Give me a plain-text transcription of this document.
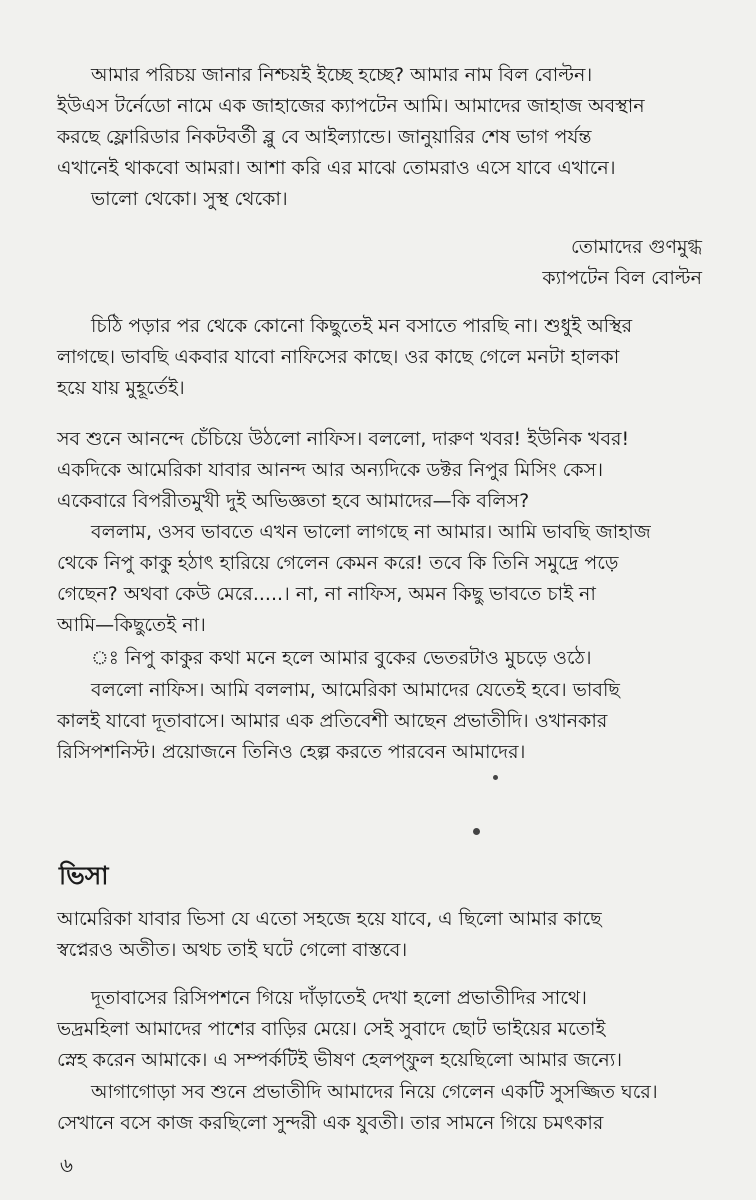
আমার পরিচয় জানার নিশ্চয়ই ইচ্ছে হচ্ছে? আমার নাম বিল বোল্টন।
ইউএস টর্নেডো নামে এক জাহাজের ক্যাপটেন আমি। আমাদের জাহাজ অবস্থান
করছে ফ্লোরিডার নিকটবর্তী ব্লু বে আইল্যান্ডে। জানুয়ারির শেষ ভাগ পর্যন্ত
এখানেই থাকবো আমরা। আশা করি এর মাঝে তোমরাও এসে যাবে এখানে।
ভালো থেকো। সুস্থ থেকো।
তোমাদের গুণমুগ্ধ
ক্যাপটেন বিল বোল্টন
চিঠি পড়ার পর থেকে কোনো কিছুতেই মন বসাতে পারছি না। শুধুই অস্থির
লাগছে। ভাবছি একবার যাবো নাফিসের কাছে। ওর কাছে গেলে মনটা হালকা
হয়ে যায় মুহূর্তেই।
সব শুনে আনন্দে চেঁচিয়ে উঠলো নাফিস। বললো, দারুণ খবর! ইউনিক খবর!
একদিকে আমেরিকা যাবার আনন্দ আর অন্যদিকে ডক্টর নিপুর মিসিং কেস।
একেবারে বিপরীতমুখী দুই অভিজ্ঞতা হবে আমাদের—কি বলিস?
বললাম, ওসব ভাবতে এখন ভালো লাগছে না আমার। আমি ভাবছি জাহাজ
থেকে নিপু কাকু হঠাৎ হারিয়ে গেলেন কেমন করে! তবে কি তিনি সমুদ্রে পড়ে
গেছেন? অথবা কেউ মেরে.....। না, না নাফিস, অমন কিছু ভাবতে চাই না
আমি—কিছুতেই না।
ঃ নিপু কাকুর কথা মনে হলে আমার বুকের ভেতরটাও মুচড়ে ওঠে।
বললো নাফিস। আমি বললাম, আমেরিকা আমাদের যেতেই হবে। ভাবছি
কালই যাবো দূতাবাসে। আমার এক প্রতিবেশী আছেন প্রভাতীদি। ওখানকার
রিসিপশনিস্ট। প্রয়োজনে তিনিও হেল্প করতে পারবেন আমাদের।
ভিসা
আমেরিকা যাবার ভিসা যে এতো সহজে হয়ে যাবে, এ ছিলো আমার কাছে
স্বপ্নেরও অতীত। অথচ তাই ঘটে গেলো বাস্তবে।
দূতাবাসের রিসিপশনে গিয়ে দাঁড়াতেই দেখা হলো প্রভাতীদির সাথে।
ভদ্রমহিলা আমাদের পাশের বাড়ির মেয়ে। সেই সুবাদে ছোট ভাইয়ের মতোই
স্নেহ করেন আমাকে। এ সম্পর্কটিই ভীষণ হেলপ্ফুল হয়েছিলো আমার জন্যে।
আগাগোড়া সব শুনে প্রভাতীদি আমাদের নিয়ে গেলেন একটি সুসজ্জিত ঘরে।
সেখানে বসে কাজ করছিলো সুন্দরী এক যুবতী। তার সামনে গিয়ে চমৎকার
৬
